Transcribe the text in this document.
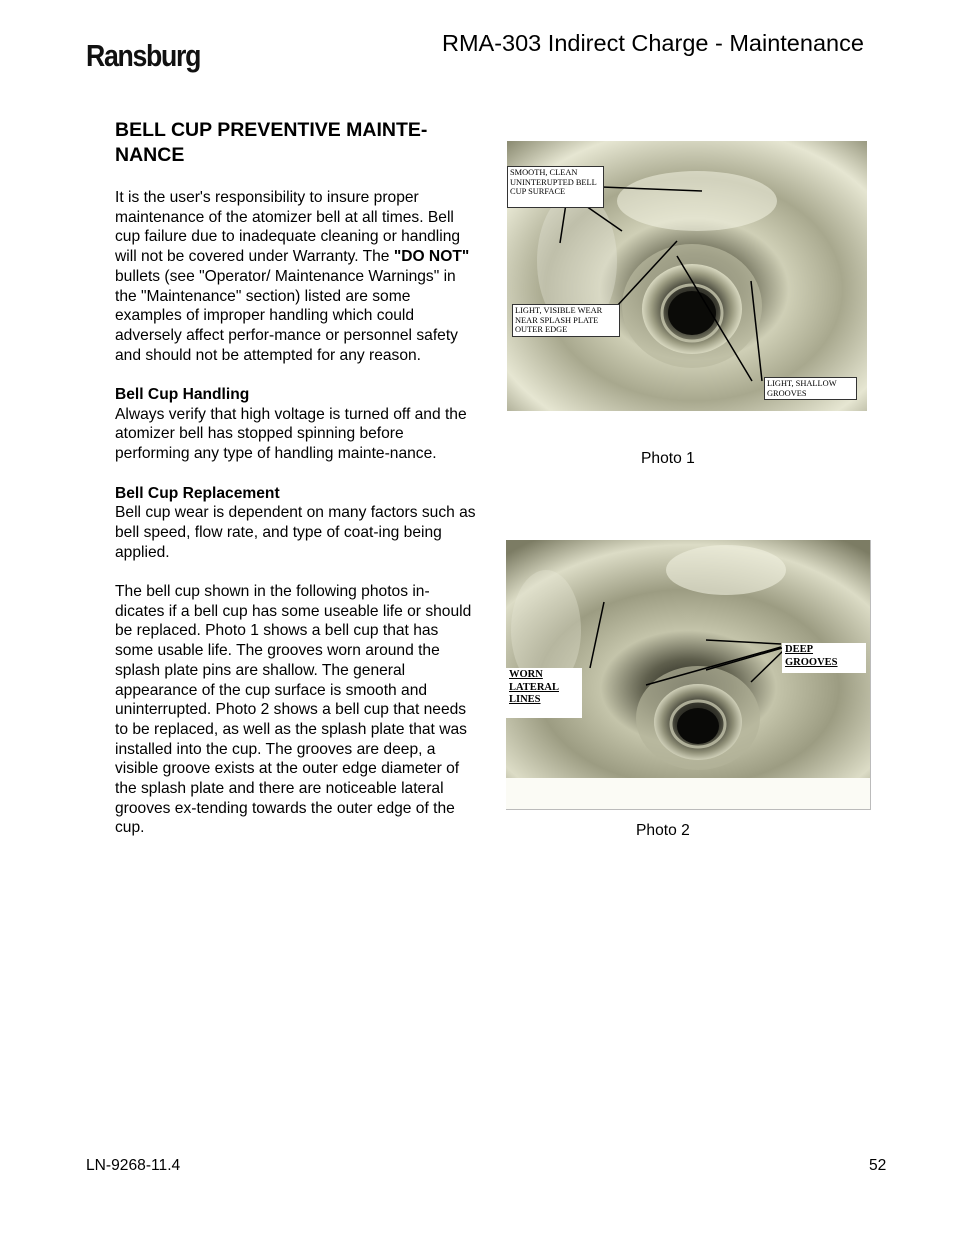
Ransburg	RMA-303 Indirect Charge - Maintenance
BELL CUP PREVENTIVE MAINTE-NANCE

It is the user's responsibility to insure proper maintenance of the atomizer bell at all times. Bell cup failure due to inadequate cleaning or handling will not be covered under Warranty. The "DO NOT" bullets (see "Operator/ Maintenance Warnings" in the "Maintenance" section) listed are some examples of improper handling which could adversely affect perfor-mance or personnel safety and should not be attempted for any reason.

Bell Cup Handling
Always verify that high voltage is turned off and the atomizer bell has stopped spinning before performing any type of handling mainte-nance.

Bell Cup Replacement
Bell cup wear is dependent on many factors such as bell speed, flow rate, and type of coat-ing being applied.

The bell cup shown in the following photos in-dicates if a bell cup has some useable life or should be replaced. Photo 1 shows a bell cup that has some usable life. The grooves worn around the splash plate pins are shallow. The general appearance of the cup surface is smooth and uninterrupted. Photo 2 shows a bell cup that needs to be replaced, as well as the splash plate that was installed into the cup. The grooves are deep, a visible groove exists at the outer edge diameter of the splash plate and there are noticeable lateral grooves ex-tending towards the outer edge of the cup.

SMOOTH, CLEAN
UNINTERUPTED BELL
CUP SURFACE
LIGHT, VISIBLE WEAR
NEAR SPLASH PLATE
OUTER EDGE
LIGHT, SHALLOW
GROOVES
Photo 1
DEEP
GROOVES
WORN
LATERAL
LINES
Photo 2
LN-9268-11.4	52
